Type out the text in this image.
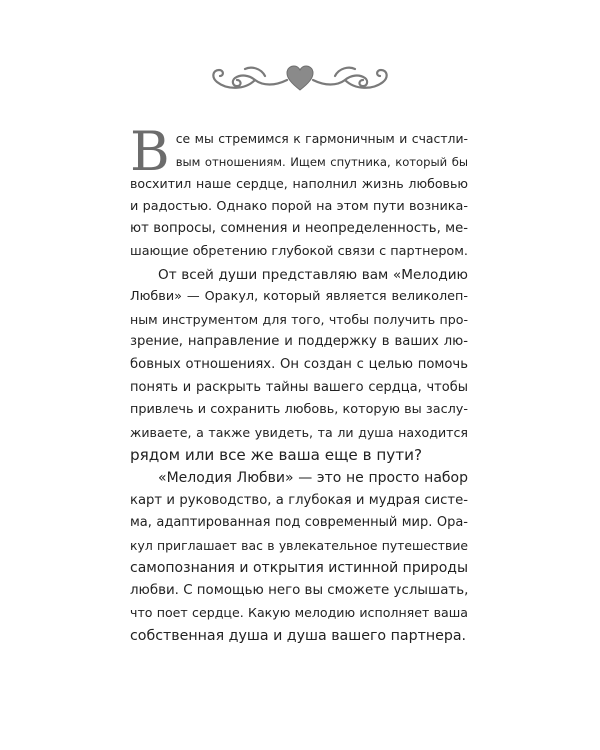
В се мы стремимся к гармоничным и счастли-
вым отношениям. Ищем спутника, который бы
восхитил наше сердце, наполнил жизнь любовью
и радостью. Однако порой на этом пути возника-
ют вопросы, сомнения и неопределенность, ме-
шающие обретению глубокой связи с партнером.
От всей души представляю вам «Мелодию
Любви» — Оракул, который является великолеп-
ным инструментом для того, чтобы получить про-
зрение, направление и поддержку в ваших лю-
бовных отношениях. Он создан с целью помочь
понять и раскрыть тайны вашего сердца, чтобы
привлечь и сохранить любовь, которую вы заслу-
живаете, а также увидеть, та ли душа находится
рядом или все же ваша еще в пути?
«Мелодия Любви» — это не просто набор
карт и руководство, а глубокая и мудрая систе-
ма, адаптированная под современный мир. Ора-
кул приглашает вас в увлекательное путешествие
самопознания и открытия истинной природы
любви. С помощью него вы сможете услышать,
что поет сердце. Какую мелодию исполняет ваша
собственная душа и душа вашего партнера.
